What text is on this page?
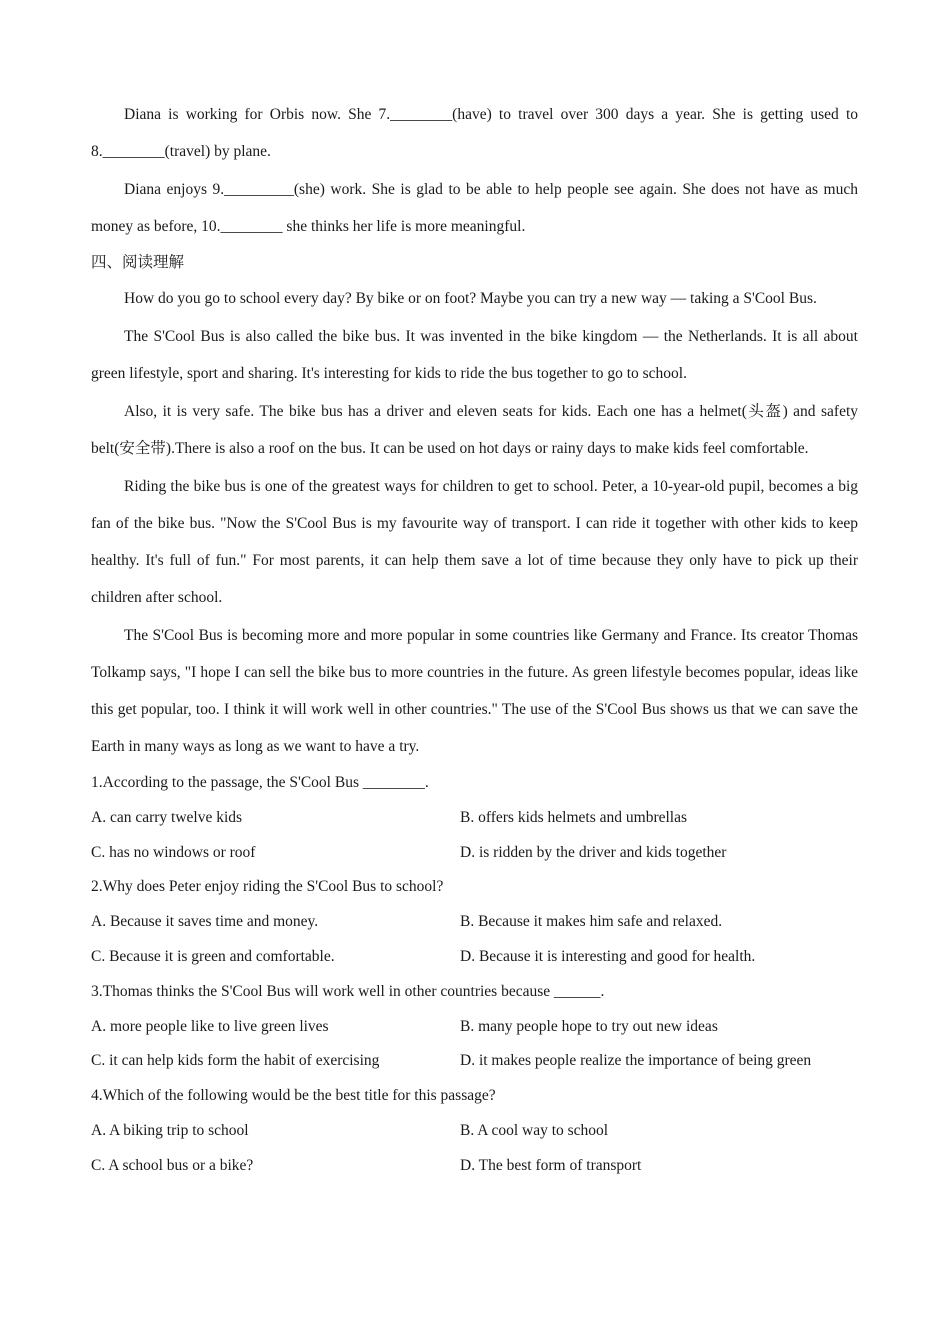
Diana is working for Orbis now. She 7.________(have) to travel over 300 days a year. She is getting used to 8.________(travel) by plane.

Diana enjoys 9._________(she) work. She is glad to be able to help people see again. She does not have as much money as before, 10.________ she thinks her life is more meaningful.

四、阅读理解

How do you go to school every day? By bike or on foot? Maybe you can try a new way — taking a S'Cool Bus.

The S'Cool Bus is also called the bike bus. It was invented in the bike kingdom — the Netherlands. It is all about green lifestyle, sport and sharing. It's interesting for kids to ride the bus together to go to school.

Also, it is very safe. The bike bus has a driver and eleven seats for kids. Each one has a helmet(头盔) and safety belt(安全带).There is also a roof on the bus. It can be used on hot days or rainy days to make kids feel comfortable.

Riding the bike bus is one of the greatest ways for children to get to school. Peter, a 10-year-old pupil, becomes a big fan of the bike bus. "Now the S'Cool Bus is my favourite way of transport. I can ride it together with other kids to keep healthy. It's full of fun." For most parents, it can help them save a lot of time because they only have to pick up their children after school.

The S'Cool Bus is becoming more and more popular in some countries like Germany and France. Its creator Thomas Tolkamp says, "I hope I can sell the bike bus to more countries in the future. As green lifestyle becomes popular, ideas like this get popular, too. I think it will work well in other countries." The use of the S'Cool Bus shows us that we can save the Earth in many ways as long as we want to have a try.

1.According to the passage, the S'Cool Bus ________.

A. can carry twelve kids	B. offers kids helmets and umbrellas
C. has no windows or roof	D. is ridden by the driver and kids together

2.Why does Peter enjoy riding the S'Cool Bus to school?

A. Because it saves time and money.	B. Because it makes him safe and relaxed.
C. Because it is green and comfortable.	D. Because it is interesting and good for health.

3.Thomas thinks the S'Cool Bus will work well in other countries because ______.

A. more people like to live green lives	B. many people hope to try out new ideas
C. it can help kids form the habit of exercising	D. it makes people realize the importance of being green

4.Which of the following would be the best title for this passage?

A. A biking trip to school	B. A cool way to school
C. A school bus or a bike?	D. The best form of transport
